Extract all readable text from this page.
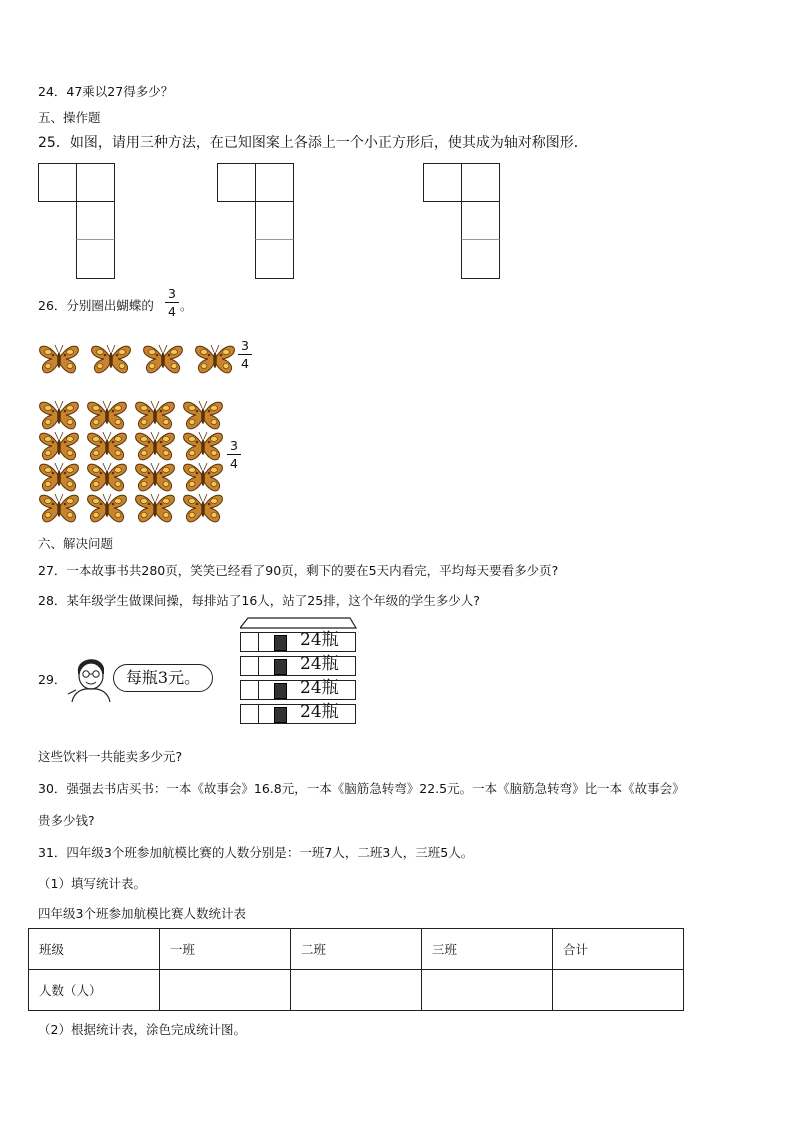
24．47乘以27得多少？
五、操作题
25．如图，请用三种方法，在已知图案上各添上一个小正方形后，使其成为轴对称图形．
26．分别圈出蝴蝶的
3
4 。
3
4
3
4
六、解决问题
27．一本故事书共280页，笑笑已经看了90页，剩下的要在5天内看完，平均每天要看多少页?
28．某年级学生做课间操，每排站了16人，站了25排，这个年级的学生多少人?
29．	每瓶3元。
24瓶
24瓶
24瓶
24瓶
这些饮料一共能卖多少元?
30．强强去书店买书：一本《故事会》16.8元，一本《脑筋急转弯》22.5元。一本《脑筋急转弯》比一本《故事会》
贵多少钱?
31．四年级3个班参加航模比赛的人数分别是：一班7人，二班3人，三班5人。
（1）填写统计表。
四年级3个班参加航模比赛人数统计表
班级	一班	二班	三班	合计
人数（人）				
（2）根据统计表，涂色完成统计图。
